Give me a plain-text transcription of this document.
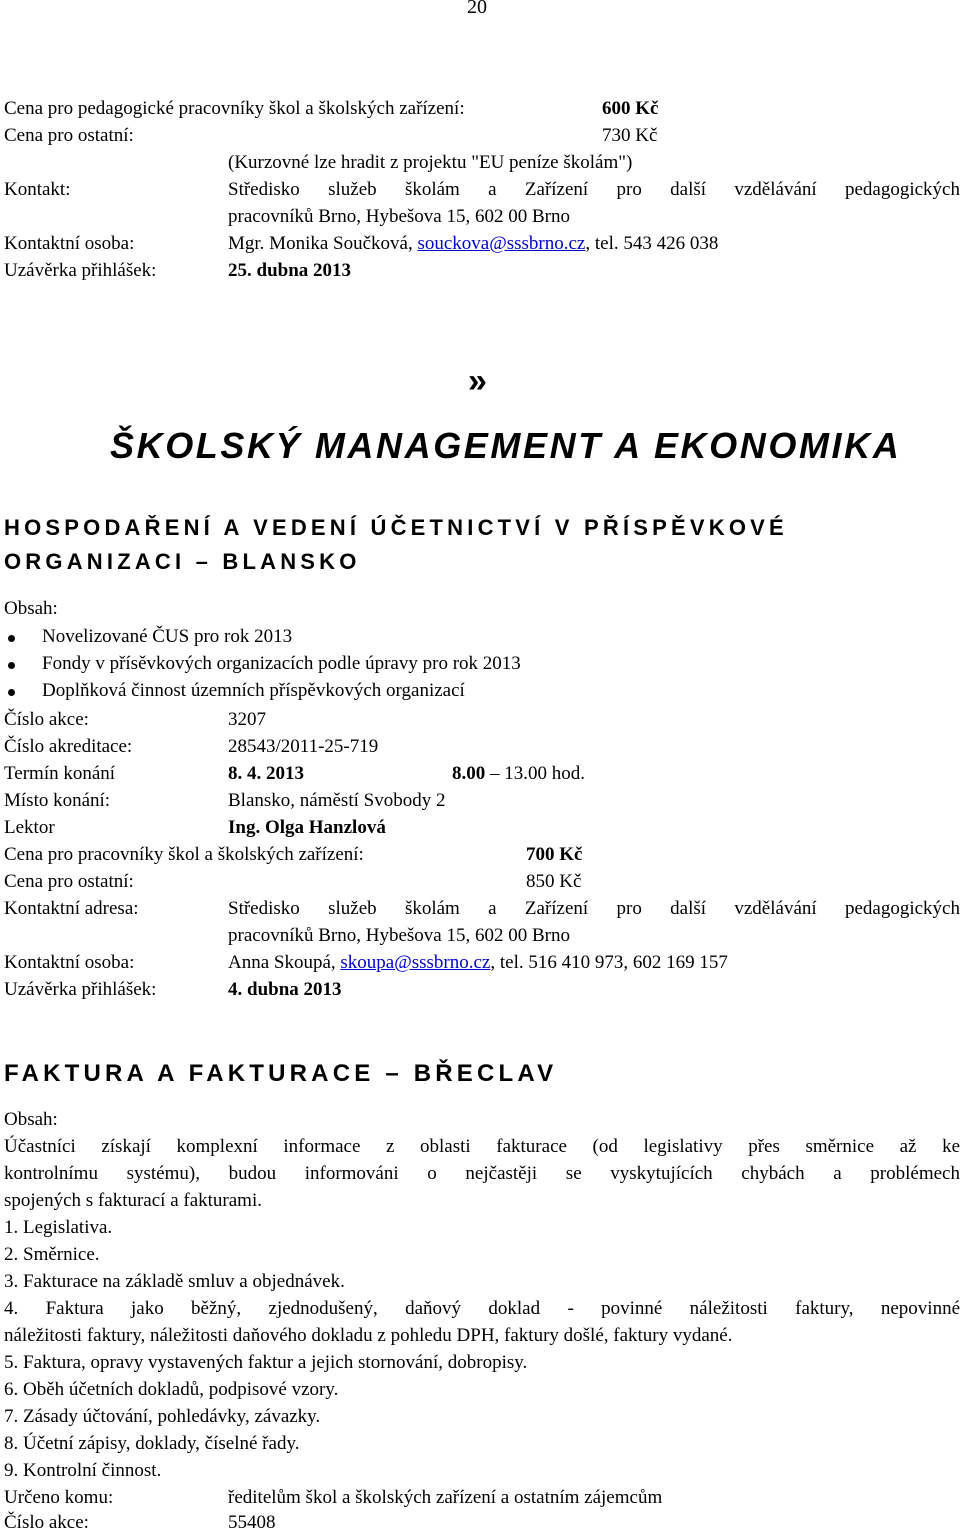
20
Cena pro pedagogické pracovníky škol a školských zařízení:	600 Kč
Cena pro ostatní:	730 Kč
(Kurzovné lze hradit z projektu "EU peníze školám")
Kontakt:	Středisko služeb školám a Zařízení pro další vzdělávání pedagogických
pracovníků Brno, Hybešova 15, 602 00 Brno
Kontaktní osoba:	Mgr. Monika Součková, souckova@sssbrno.cz, tel. 543 426 038
Uzávěrka přihlášek:	25. dubna 2013
»
ŠKOLSKÝ MANAGEMENT A EKONOMIKA
HOSPODAŘENÍ A VEDENÍ ÚČETNICTVÍ V PŘÍSPĚVKOVÉ
ORGANIZACI – BLANSKO
Obsah:
Novelizované ČUS pro rok 2013
Fondy v přísěvkových organizacích podle úpravy pro rok 2013
Doplňková činnost územních příspěvkových organizací
Číslo akce:	3207
Číslo akreditace:	28543/2011-25-719
Termín konání	8. 4. 2013	8.00 – 13.00 hod.
Místo konání:	Blansko, náměstí Svobody 2
Lektor	Ing. Olga Hanzlová
Cena pro pracovníky škol a školských zařízení:	700 Kč
Cena pro ostatní:	850 Kč
Kontaktní adresa:	Středisko služeb školám a Zařízení pro další vzdělávání pedagogických
pracovníků Brno, Hybešova 15, 602 00 Brno
Kontaktní osoba:	Anna Skoupá, skoupa@sssbrno.cz, tel. 516 410 973, 602 169 157
Uzávěrka přihlášek:	4. dubna 2013
FAKTURA A FAKTURACE – BŘECLAV
Obsah:
Účastníci získají komplexní informace z oblasti fakturace (od legislativy přes směrnice až ke
kontrolnímu systému), budou informováni o nejčastěji se vyskytujících chybách a problémech
spojených s fakturací a fakturami.
1. Legislativa.
2. Směrnice.
3. Fakturace na základě smluv a objednávek.
4. Faktura jako běžný, zjednodušený, daňový doklad - povinné náležitosti faktury, nepovinné
náležitosti faktury, náležitosti daňového dokladu z pohledu DPH, faktury došlé, faktury vydané.
5. Faktura, opravy vystavených faktur a jejich stornování, dobropisy.
6. Oběh účetních dokladů, podpisové vzory.
7. Zásady účtování, pohledávky, závazky.
8. Účetní zápisy, doklady, číselné řady.
9. Kontrolní činnost.
Určeno komu:	ředitelům škol a školských zařízení a ostatním zájemcům
Číslo akce:	55408
